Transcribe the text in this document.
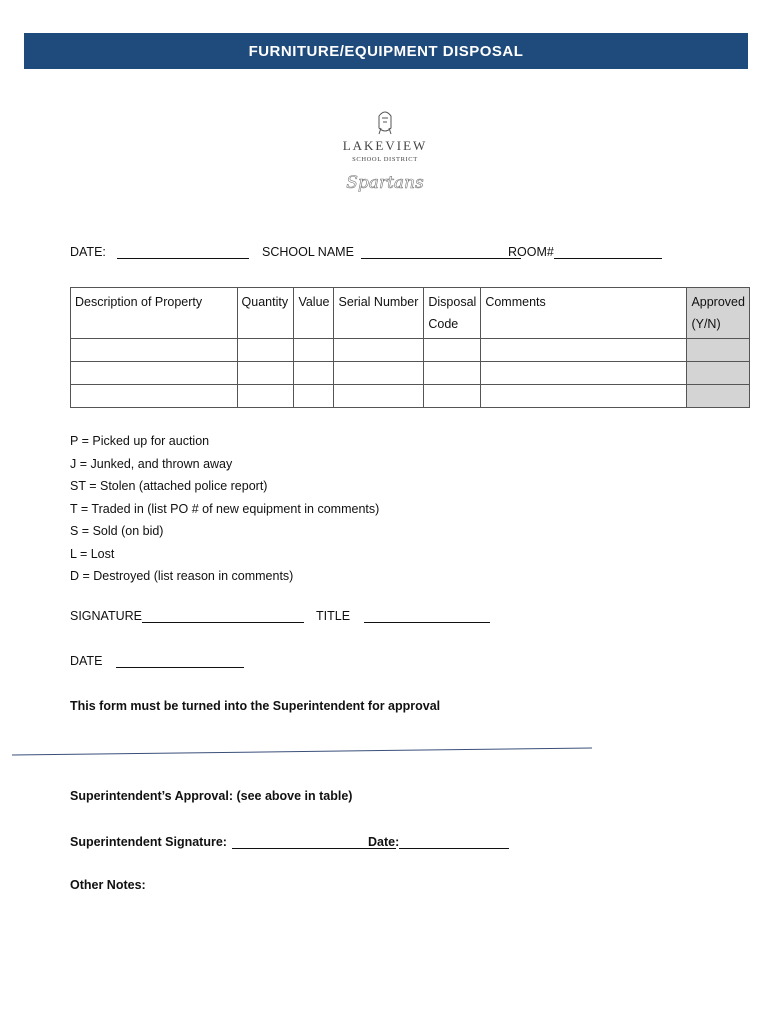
FURNITURE/EQUIPMENT DISPOSAL
LAKEVIEW
SCHOOL DISTRICT
Spartans
DATE:	SCHOOL NAME	ROOM#
Description of Property	Quantity	Value	Serial Number	Disposal Code	Comments	Approved (Y/N)

P = Picked up for auction
J = Junked, and thrown away
ST = Stolen (attached police report)
T = Traded in (list PO # of new equipment in comments)
S = Sold (on bid)
L = Lost
D = Destroyed (list reason in comments)
SIGNATURE	TITLE
DATE
This form must be turned into the Superintendent for approval
Superintendent’s Approval: (see above in table)
Superintendent Signature:	Date:
Other Notes:
